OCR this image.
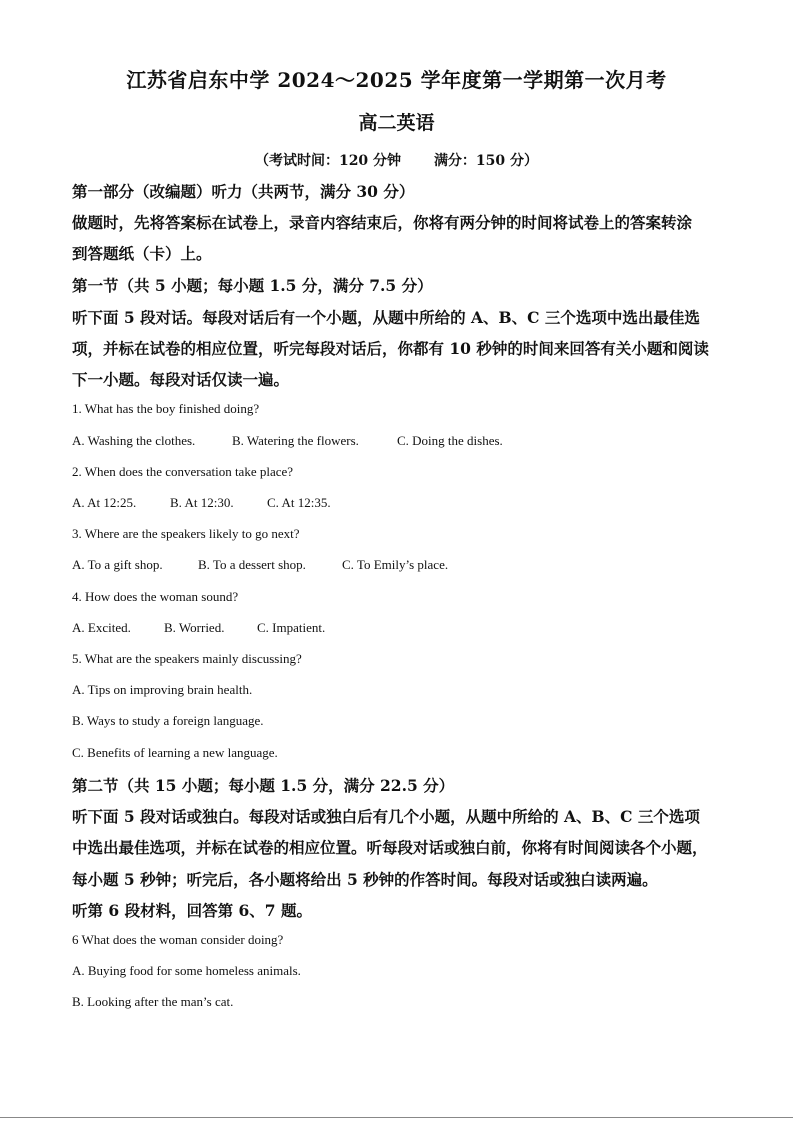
江苏省启东中学 2024～2025 学年度第一学期第一次月考
高二英语
（考试时间：120 分钟 满分：150 分）
第一部分（改编题）听力（共两节，满分 30 分）
做题时，先将答案标在试卷上，录音内容结束后，你将有两分钟的时间将试卷上的答案转涂
到答题纸（卡）上。
第一节（共 5 小题；每小题 1.5 分，满分 7.5 分）
听下面 5 段对话。每段对话后有一个小题，从题中所给的 A、B、C 三个选项中选出最佳选
项，并标在试卷的相应位置，听完每段对话后，你都有 10 秒钟的时间来回答有关小题和阅读
下一小题。每段对话仅读一遍。
1. What has the boy finished doing?
A. Washing the clothes.	B. Watering the flowers.	C. Doing the dishes.
2. When does the conversation take place?
A. At 12:25.	B. At 12:30.	C. At 12:35.
3. Where are the speakers likely to go next?
A. To a gift shop.	B. To a dessert shop.	C. To Emily’s place.
4. How does the woman sound?
A. Excited.	B. Worried.	C. Impatient.
5. What are the speakers mainly discussing?
A. Tips on improving brain health.
B. Ways to study a foreign language.
C. Benefits of learning a new language.
第二节（共 15 小题；每小题 1.5 分，满分 22.5 分）
听下面 5 段对话或独白。每段对话或独白后有几个小题，从题中所给的 A、B、C 三个选项
中选出最佳选项，并标在试卷的相应位置。听每段对话或独白前，你将有时间阅读各个小题，
每小题 5 秒钟；听完后，各小题将给出 5 秒钟的作答时间。每段对话或独白读两遍。
听第 6 段材料，回答第 6、7 题。
6 What does the woman consider doing?
A. Buying food for some homeless animals.
B. Looking after the man’s cat.
